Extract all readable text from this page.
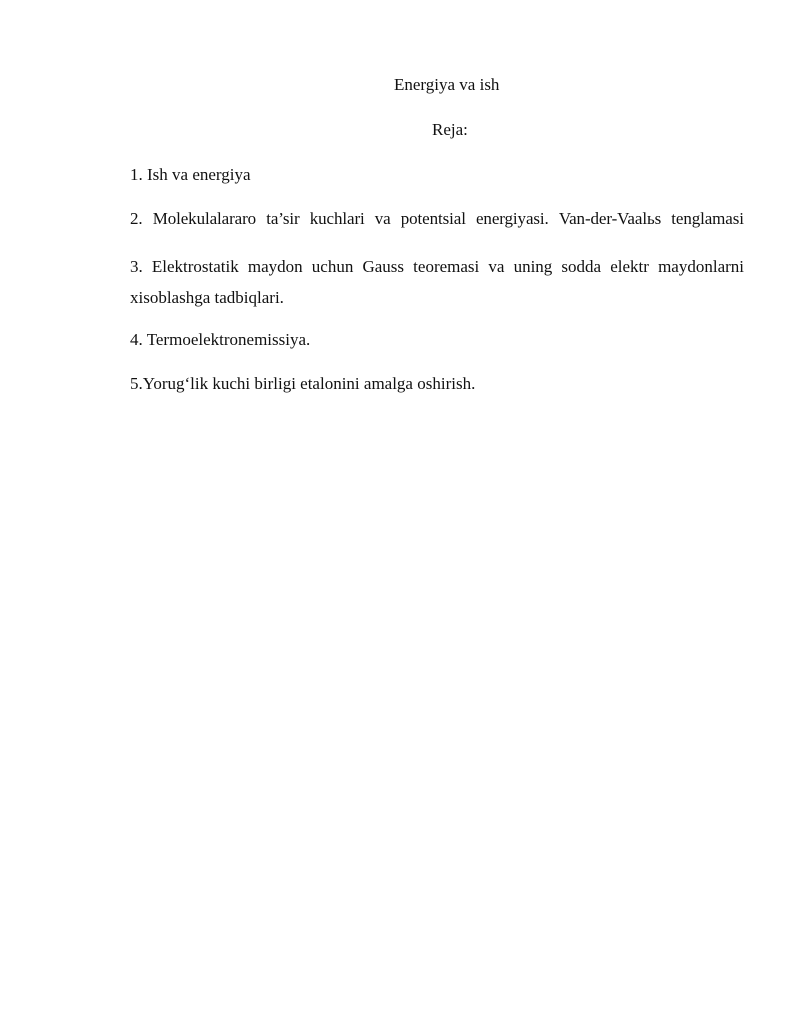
Energiya va ish
Reja:
1. Ish va energiya
2. Molekulalararo ta’sir kuchlari va potentsial energiyasi. Van-der-Vaalьs tenglamasi
3. Elektrostatik maydon uchun Gauss teoremasi va uning sodda elektr maydonlarni xisoblashga tadbiqlari.
4. Termoelektronemissiya.
5.Yorug‘lik kuchi birligi etalonini amalga oshirish.
